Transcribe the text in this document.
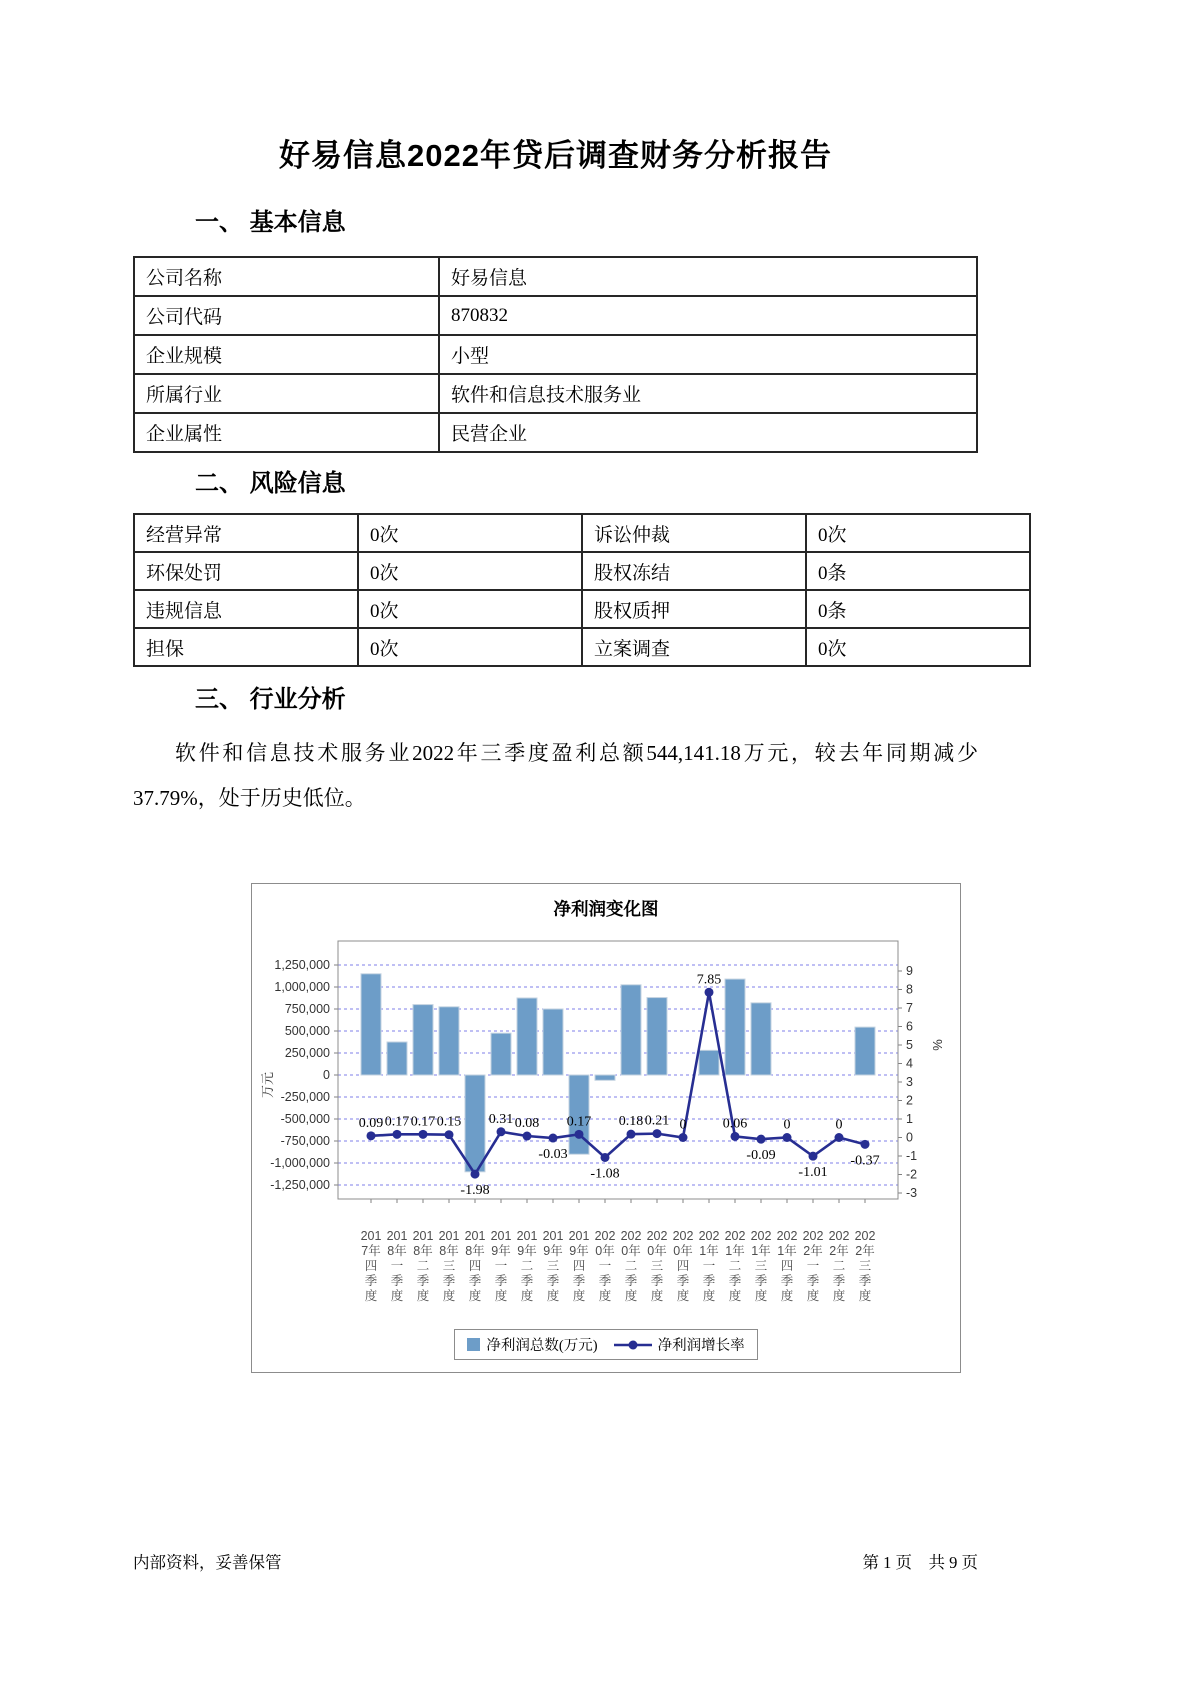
好易信息2022年贷后调查财务分析报告
一、 基本信息
公司名称	好易信息
公司代码	870832
企业规模	小型
所属行业	软件和信息技术服务业
企业属性	民营企业
二、 风险信息
经营异常	0次	诉讼仲裁	0次
环保处罚	0次	股权冻结	0条
违规信息	0次	股权质押	0条
担保	0次	立案调查	0次
三、 行业分析
软件和信息技术服务业2022年三季度盈利总额544,141.18万元，较去年同期减少37.79%，处于历史低位。
净利润变化图
1,250,000
1,000,000
750,000
500,000
250,000
0
-250,000
-500,000
-750,000
-1,000,000
-1,250,000
9
8
7
6
5
4
3
2
1
0
-1
-2
-3
0.09 0.17 0.17 0.15
-1.98
0.31 0.08
-0.03
0.17
-1.08
0.18 0.21 0
7.85
0.06
-0.09
0
-1.01
0
-0.37
万元
%
201
7年
四
季
度
201
8年
一
季
度
201
8年
二
季
度
201
8年
三
季
度
201
8年
四
季
度
201
9年
一
季
度
201
9年
二
季
度
201
9年
三
季
度
201
9年
四
季
度
202
0年
一
季
度
202
0年
二
季
度
202
0年
三
季
度
202
0年
四
季
度
202
1年
一
季
度
202
1年
二
季
度
202
1年
三
季
度
202
1年
四
季
度
202
2年
一
季
度
202
2年
二
季
度
202
2年
三
季
度
净利润总数(万元)	净利润增长率
内部资料，妥善保管	第 1 页　共 9 页
